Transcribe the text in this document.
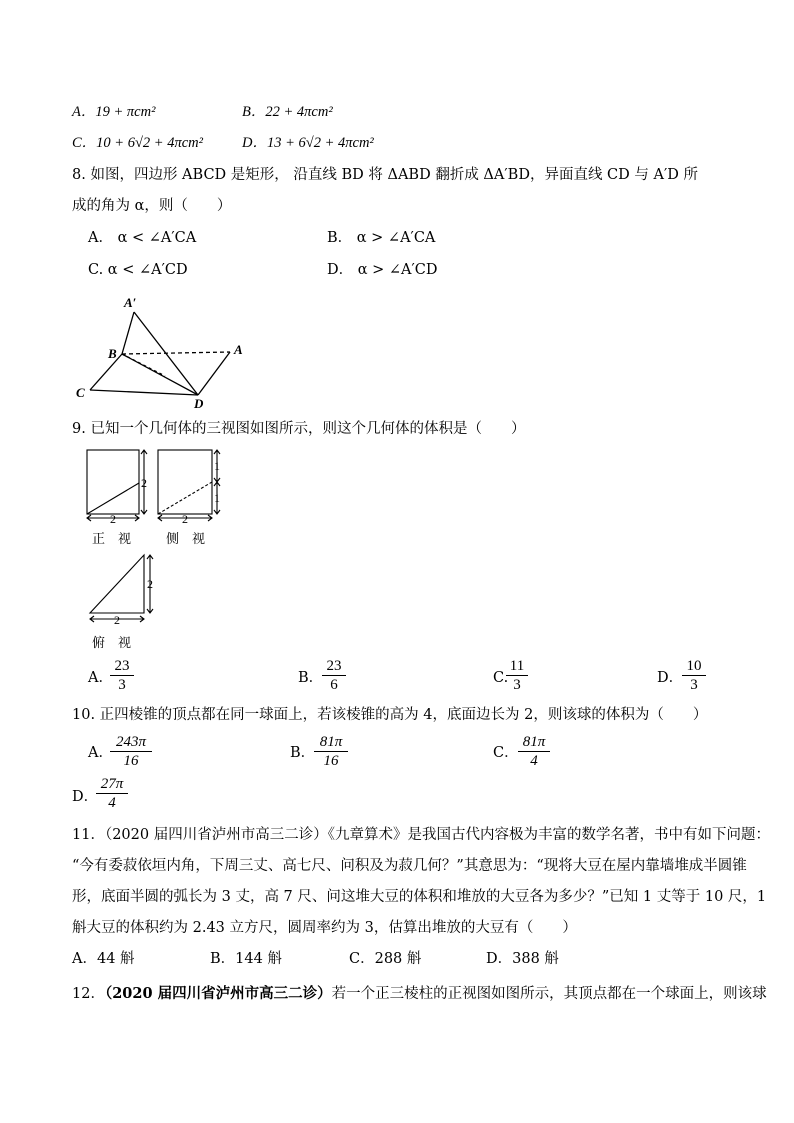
A．19 + πcm²	B．22 + 4πcm²
C．10 + 6√2 + 4πcm²	D．13 + 6√2 + 4πcm²
8. 如图，四边形 ABCD 是矩形， 沿直线 BD 将 ΔABD 翻折成 ΔA′BD，异面直线 CD 与 A′D 所
成的角为 α，则（　　）
A． α < ∠A′CA	B． α > ∠A′CA
C. α < ∠A′CD	D． α > ∠A′CD
A′
B	A
C
D
9. 已知一个几何体的三视图如图所示，则这个几何体的体积是（　　）
2
2
1
1
2
2
2
正　视	侧　视
俯　视
A．
$\frac{23}{3}$	B．
$\frac{23}{6}$	C.
$\frac{11}{3}$	D．
$\frac{10}{3}$
10. 正四棱锥的顶点都在同一球面上，若该棱锥的高为 4，底面边长为 2，则该球的体积为（　　）
A．
$\frac{243\pi}{16}$	B．
$\frac{81\pi}{16}$	C． $\frac{81\pi}{4}$
D．
$\frac{27\pi}{4}$
11．（2020 届四川省泸州市高三二诊）《九章算术》是我国古代内容极为丰富的数学名著，书中有如下问题：
“今有委菽依垣内角，下周三丈、高七尺、问积及为菽几何？”其意思为：“现将大豆在屋内靠墙堆成半圆锥
形，底面半圆的弧长为 3 丈，高 7 尺、问这堆大豆的体积和堆放的大豆各为多少？”已知 1 丈等于 10 尺，1
斛大豆的体积约为 2.43 立方尺，圆周率约为 3，估算出堆放的大豆有（　　）
A．44 斛	B．144 斛	C．288 斛	D．388 斛
12．（2020 届四川省泸州市高三二诊）若一个正三棱柱的正视图如图所示，其顶点都在一个球面上，则该球
